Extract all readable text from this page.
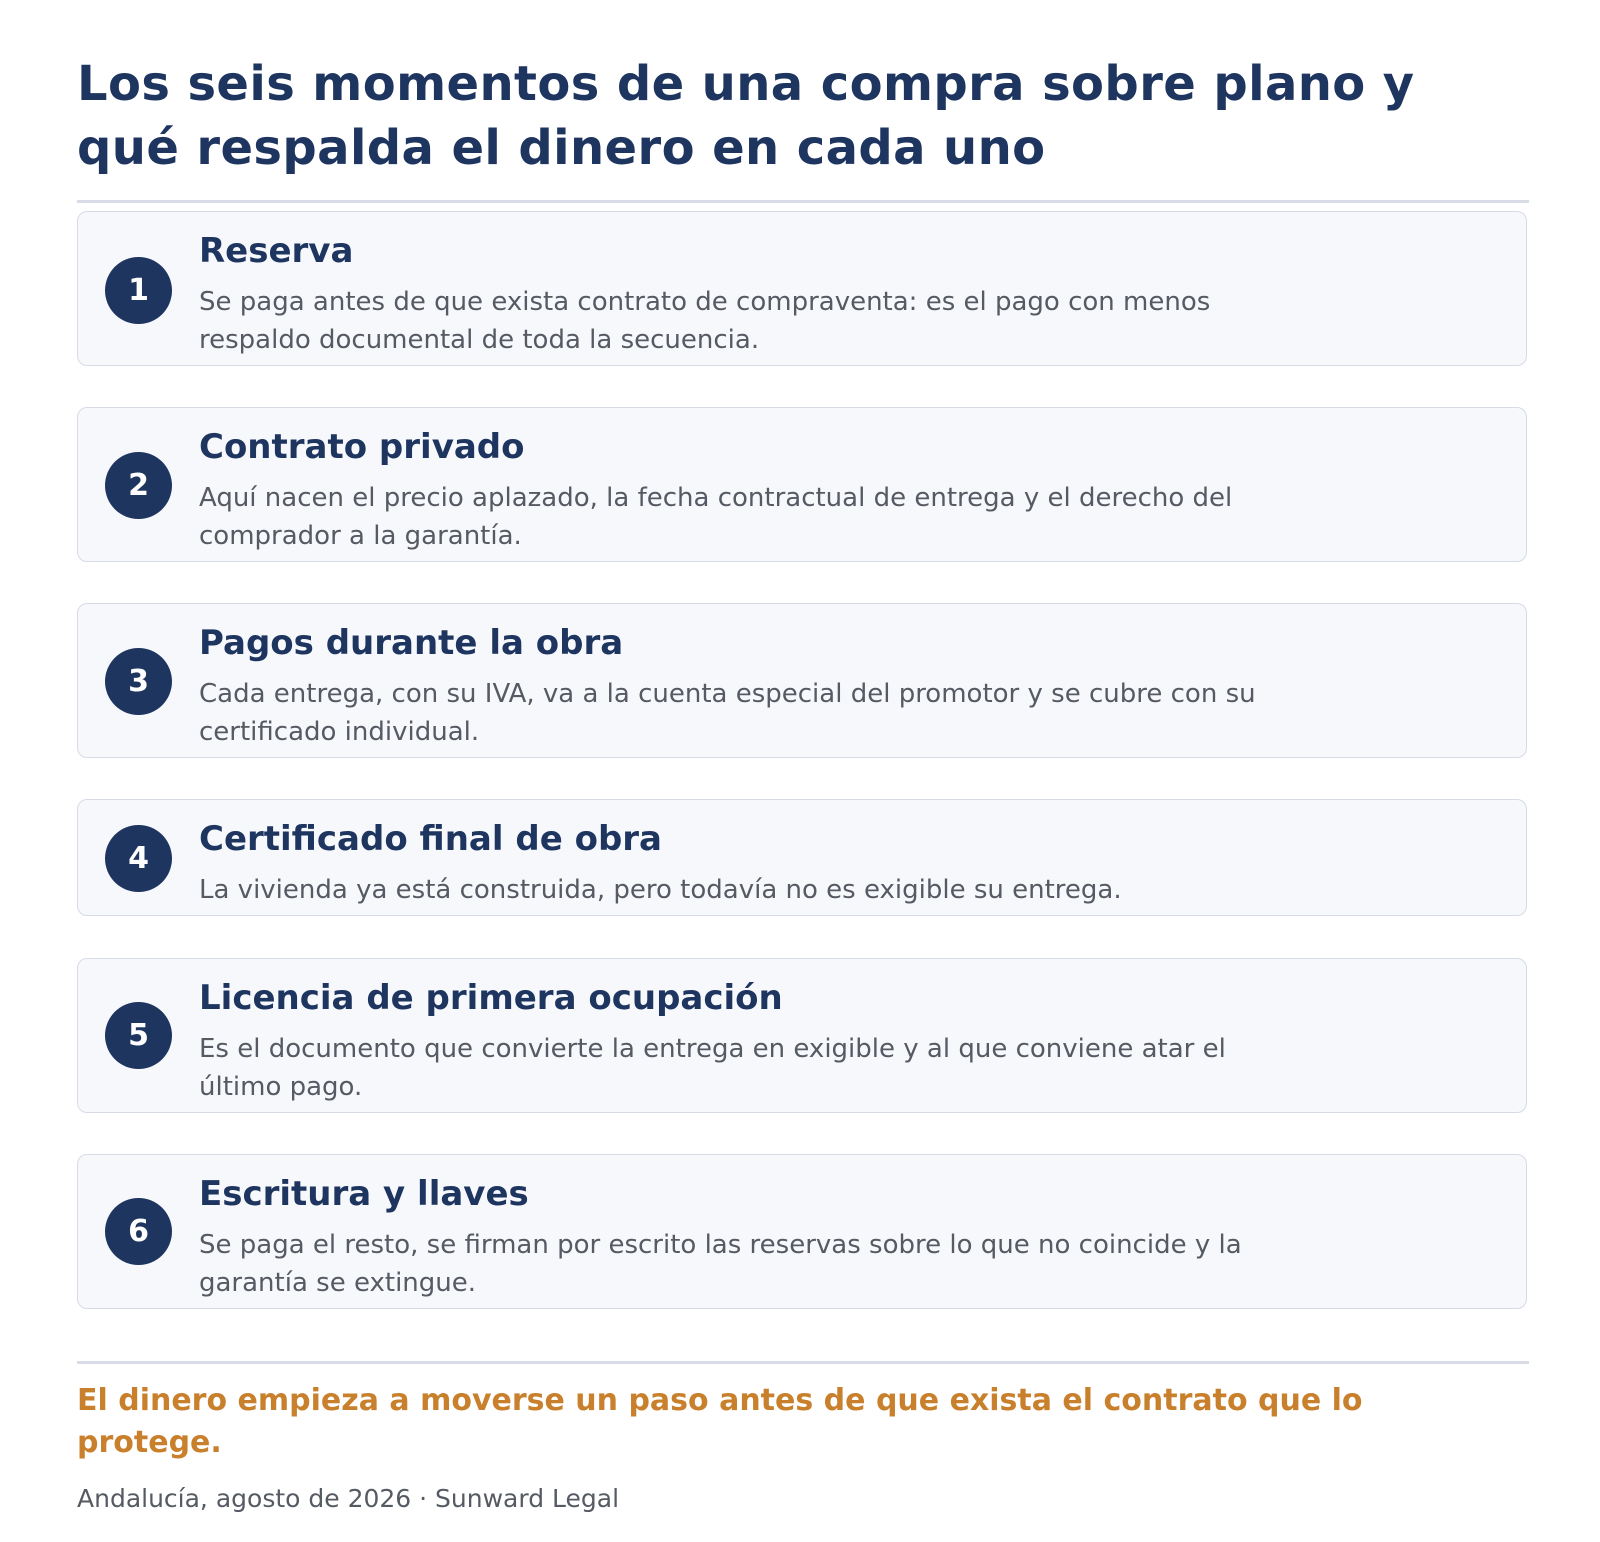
Los seis momentos de una compra sobre plano y qué respalda el dinero en cada uno
1
Reserva

Se paga antes de que exista contrato de compraventa: es el pago con menos respaldo documental de toda la secuencia.

2
Contrato privado

Aquí nacen el precio aplazado, la fecha contractual de entrega y el derecho del comprador a la garantía.

3
Pagos durante la obra

Cada entrega, con su IVA, va a la cuenta especial del promotor y se cubre con su certificado individual.

4	Certificado final de obra

La vivienda ya está construida, pero todavía no es exigible su entrega.

5
Licencia de primera ocupación

Es el documento que convierte la entrega en exigible y al que conviene atar el último pago.

6
Escritura y llaves

Se paga el resto, se firman por escrito las reservas sobre lo que no coincide y la garantía se extingue.

El dinero empieza a moverse un paso antes de que exista el contrato que lo protege.

Andalucía, agosto de 2026 · Sunward Legal
